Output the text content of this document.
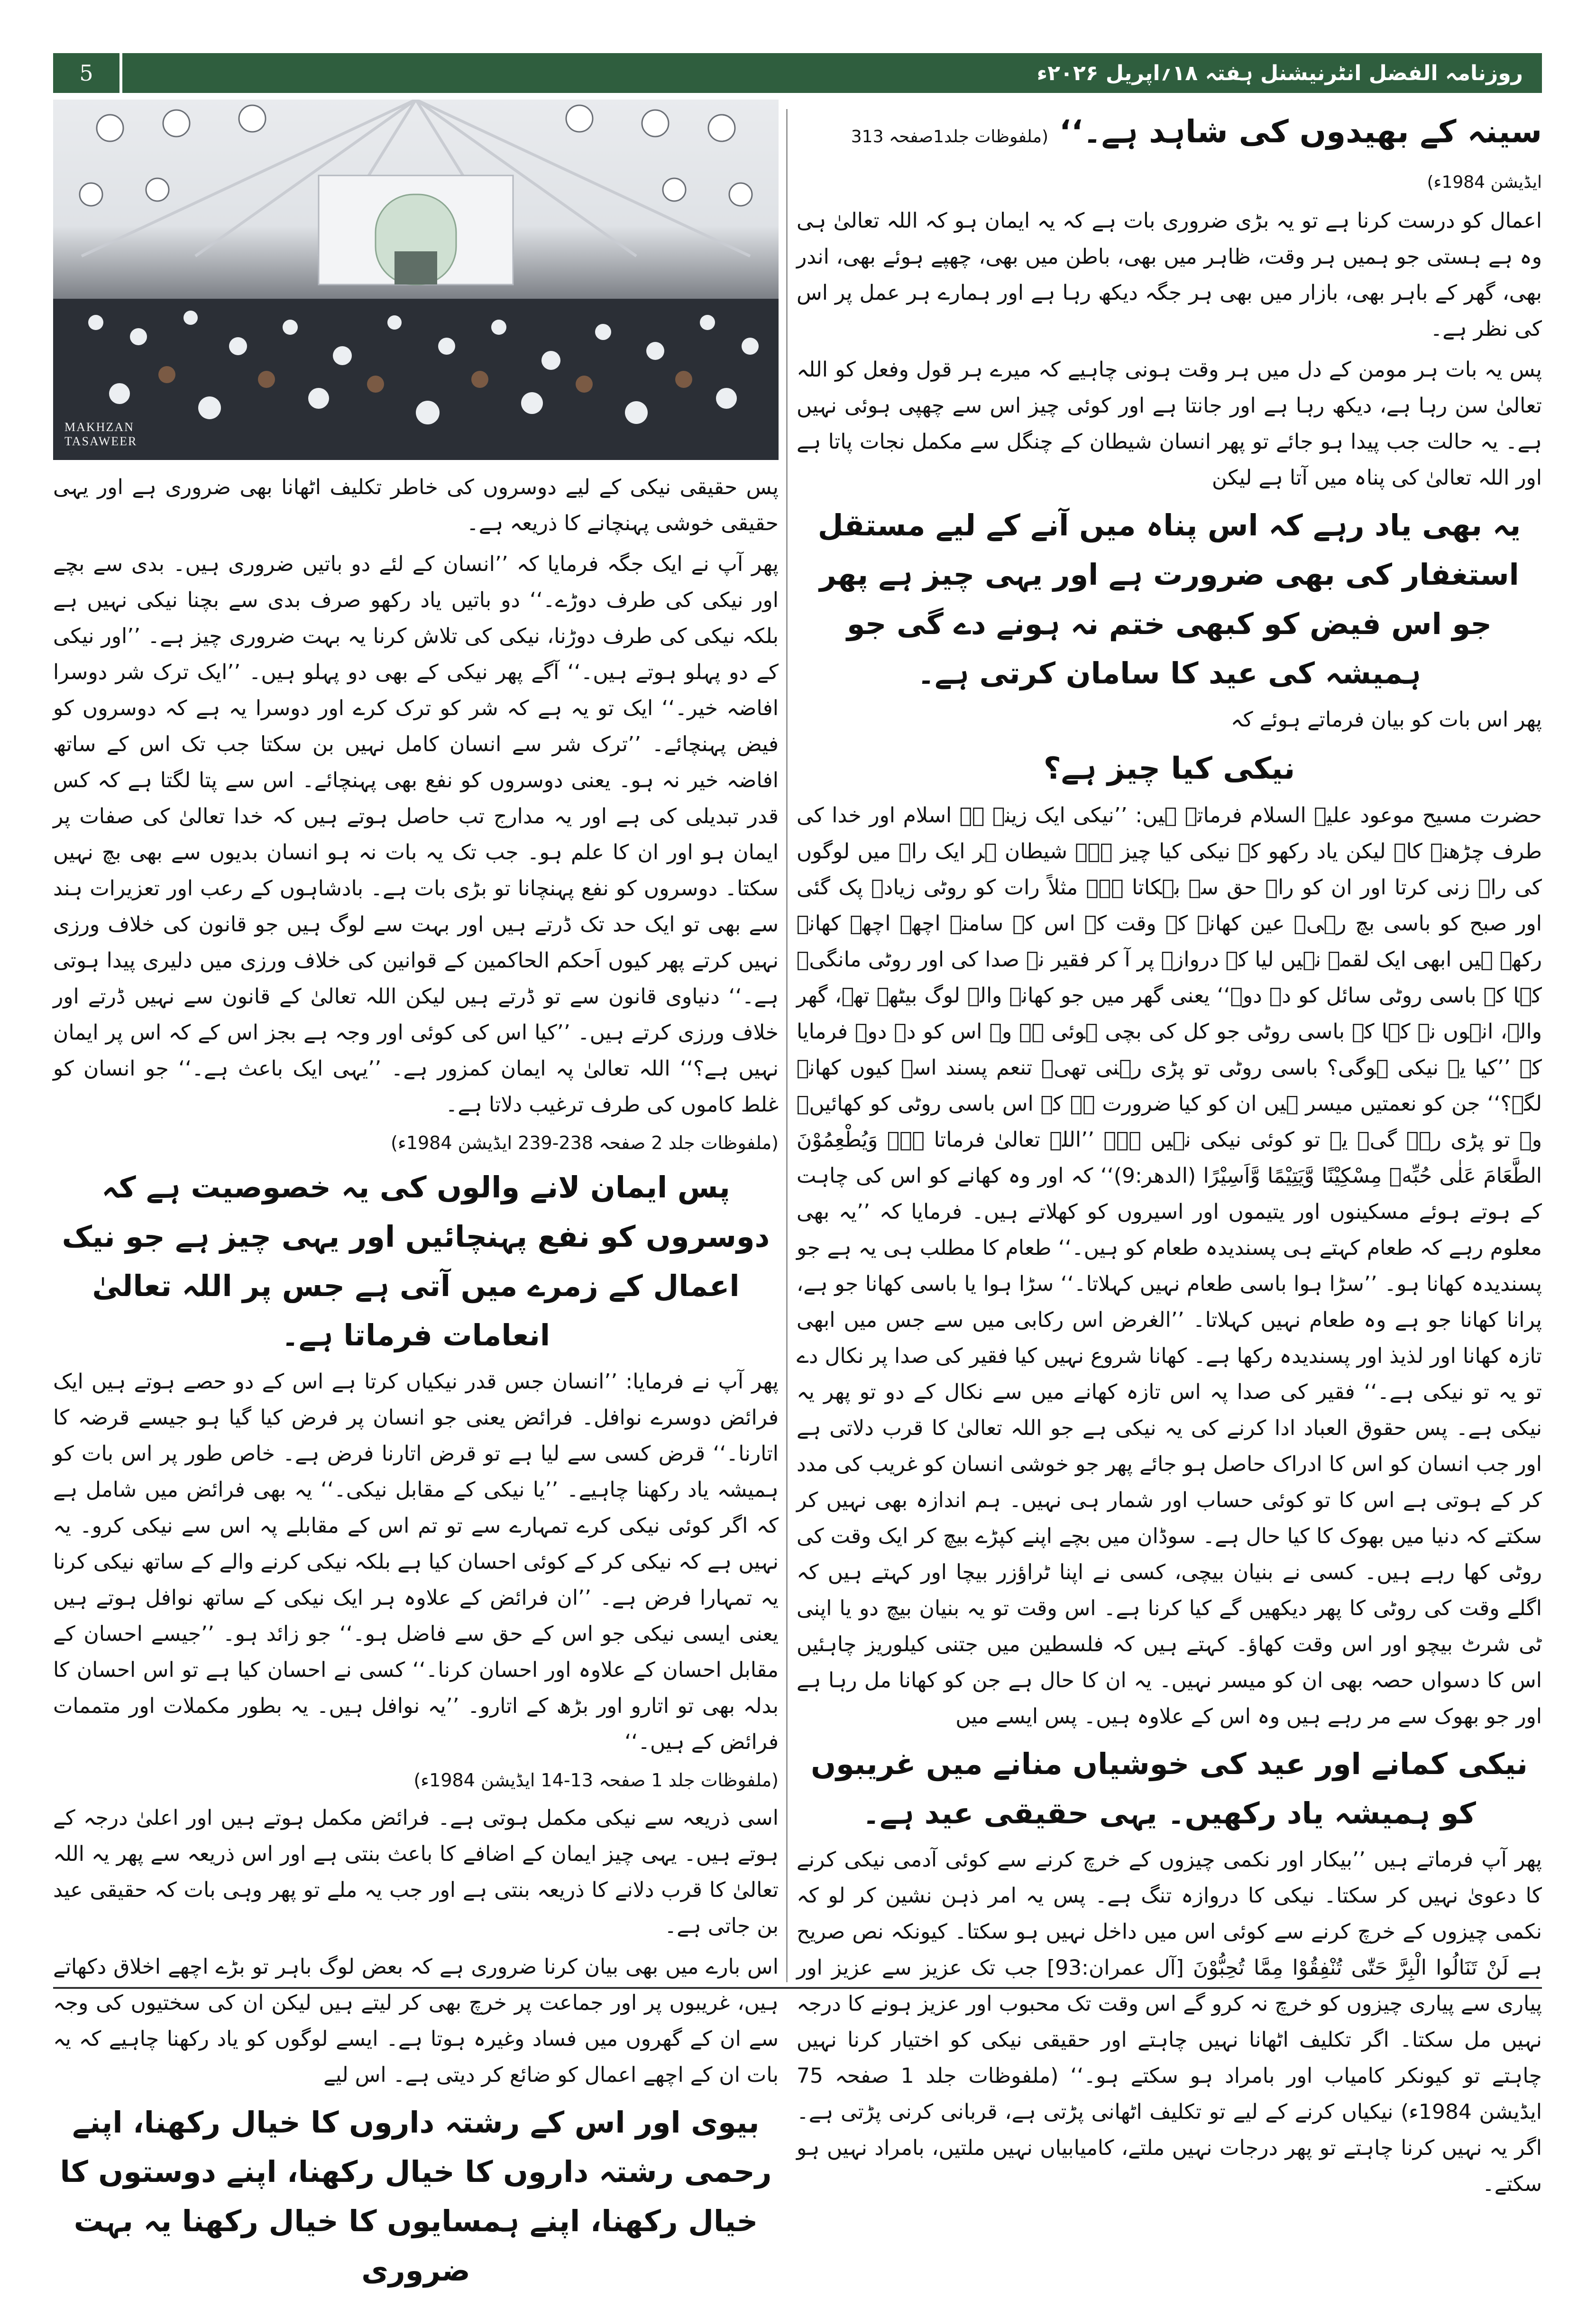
5	روزنامہ الفضل انٹرنیشنل ہفتہ ۱۸؍اپریل ۲۰۲۶ء
MAKHZAN
TASAWEER
سینہ کے بھیدوں کی شاہد ہے۔‘‘ (ملفوظات جلد1صفحہ 313 ایڈیشن 1984ء)

اعمال کو درست کرنا ہے تو یہ بڑی ضروری بات ہے کہ یہ ایمان ہو کہ اللہ تعالیٰ ہی وہ ہے ہستی جو ہمیں ہر وقت، ظاہر میں بھی، باطن میں بھی، چھپے ہوئے بھی، اندر بھی، گھر کے باہر بھی، بازار میں بھی ہر جگہ دیکھ رہا ہے اور ہمارے ہر عمل پر اس کی نظر ہے۔

پس یہ بات ہر مومن کے دل میں ہر وقت ہونی چاہیے کہ میرے ہر قول وفعل کو اللہ تعالیٰ سن رہا ہے، دیکھ رہا ہے اور جانتا ہے اور کوئی چیز اس سے چھپی ہوئی نہیں ہے۔ یہ حالت جب پیدا ہو جائے تو پھر انسان شیطان کے چنگل سے مکمل نجات پاتا ہے اور اللہ تعالیٰ کی پناہ میں آتا ہے لیکن

یہ بھی یاد رہے کہ اس پناہ میں آنے کے لیے مستقل استغفار کی بھی ضرورت ہے اور یہی چیز ہے پھر جو اس فیض کو کبھی ختم نہ ہونے دے گی جو ہمیشہ کی عید کا سامان کرتی ہے۔

پھر اس بات کو بیان فرماتے ہوئے کہ

نیکی کیا چیز ہے؟

حضرت مسیح موعود علیہ السلام فرماتے ہیں: ’’نیکی ایک زینہ ہے اسلام اور خدا کی طرف چڑھنے کا۔ لیکن یاد رکھو کہ نیکی کیا چیز ہے۔ شیطان ہر ایک راہ میں لوگوں کی راہ زنی کرتا اور ان کو راہ حق سے بہکاتا ہے۔ مثلاً رات کو روٹی زیادہ پک گئی اور صبح کو باسی بچ رہی۔ عین کھانے کے وقت کہ اس کے سامنے اچھے اچھے کھانے رکھے ہیں ابھی ایک لقمہ نہیں لیا کہ دروازہ پر آ کر فقیر نے صدا کی اور روٹی مانگی۔ کہا کہ باسی روٹی سائل کو دے دو۔‘‘ یعنی گھر میں جو کھانے والے لوگ بیٹھے تھے، گھر والے، انہوں نے کہا کہ باسی روٹی جو کل کی بچی ہوئی ہے وہ اس کو دے دو۔ فرمایا کہ ’’کیا یہ نیکی ہوگی؟ باسی روٹی تو پڑی رہنی تھی۔ تنعم پسند اسے کیوں کھانے لگے؟‘‘ جن کو نعمتیں میسر ہیں ان کو کیا ضرورت ہے کہ اس باسی روٹی کو کھائیں۔ وہ تو پڑی رہے گی۔ یہ تو کوئی نیکی نہیں ہے۔ ’’اللہ تعالیٰ فرماتا ہے۔ وَيُطْعِمُوْنَ الطَّعَامَ عَلٰى حُبِّهٖ مِسْكِيْنًا وَّيَتِيْمًا وَّاَسِيْرًا (الدھر:9)‘‘ کہ اور وہ کھانے کو اس کی چاہت کے ہوتے ہوئے مسکینوں اور یتیموں اور اسیروں کو کھلاتے ہیں۔ فرمایا کہ ’’یہ بھی معلوم رہے کہ طعام کہتے ہی پسندیدہ طعام کو ہیں۔‘‘ طعام کا مطلب ہی یہ ہے جو پسندیدہ کھانا ہو۔ ’’سڑا ہوا باسی طعام نہیں کہلاتا۔‘‘ سڑا ہوا یا باسی کھانا جو ہے، پرانا کھانا جو ہے وہ طعام نہیں کہلاتا۔ ’’الغرض اس رکابی میں سے جس میں ابھی تازہ کھانا اور لذیذ اور پسندیدہ رکھا ہے۔ کھانا شروع نہیں کیا فقیر کی صدا پر نکال دے تو یہ تو نیکی ہے۔‘‘ فقیر کی صدا پہ اس تازہ کھانے میں سے نکال کے دو تو پھر یہ نیکی ہے۔ پس حقوق العباد ادا کرنے کی یہ نیکی ہے جو اللہ تعالیٰ کا قرب دلاتی ہے اور جب انسان کو اس کا ادراک حاصل ہو جائے پھر جو خوشی انسان کو غریب کی مدد کر کے ہوتی ہے اس کا تو کوئی حساب اور شمار ہی نہیں۔ ہم اندازہ بھی نہیں کر سکتے کہ دنیا میں بھوک کا کیا حال ہے۔ سوڈان میں بچے اپنے کپڑے بیچ کر ایک وقت کی روٹی کھا رہے ہیں۔ کسی نے بنیان بیچی، کسی نے اپنا ٹراؤزر بیچا اور کہتے ہیں کہ اگلے وقت کی روٹی کا پھر دیکھیں گے کیا کرنا ہے۔ اس وقت تو یہ بنیان بیچ دو یا اپنی ٹی شرٹ بیچو اور اس وقت کھاؤ۔ کہتے ہیں کہ فلسطین میں جتنی کیلوریز چاہئیں اس کا دسواں حصہ بھی ان کو میسر نہیں۔ یہ ان کا حال ہے جن کو کھانا مل رہا ہے اور جو بھوک سے مر رہے ہیں وہ اس کے علاوہ ہیں۔ پس ایسے میں

نیکی کمانے اور عید کی خوشیاں منانے میں غریبوں کو ہمیشہ یاد رکھیں۔ یہی حقیقی عید ہے۔

پھر آپ فرماتے ہیں ’’بیکار اور نکمی چیزوں کے خرچ کرنے سے کوئی آدمی نیکی کرنے کا دعویٰ نہیں کر سکتا۔ نیکی کا دروازہ تنگ ہے۔ پس یہ امر ذہن نشین کر لو کہ نکمی چیزوں کے خرچ کرنے سے کوئی اس میں داخل نہیں ہو سکتا۔ کیونکہ نص صریح ہے لَنْ تَنَالُوا الْبِرَّ حَتّٰى تُنْفِقُوْا مِمَّا تُحِبُّوْنَ [آل عمران:93] جب تک عزیز سے عزیز اور پیاری سے پیاری چیزوں کو خرچ نہ کرو گے اس وقت تک محبوب اور عزیز ہونے کا درجہ نہیں مل سکتا۔ اگر تکلیف اٹھانا نہیں چاہتے اور حقیقی نیکی کو اختیار کرنا نہیں چاہتے تو کیونکر کامیاب اور بامراد ہو سکتے ہو۔‘‘ (ملفوظات جلد 1 صفحہ 75 ایڈیشن 1984ء) نیکیاں کرنے کے لیے تو تکلیف اٹھانی پڑتی ہے، قربانی کرنی پڑتی ہے۔ اگر یہ نہیں کرنا چاہتے تو پھر درجات نہیں ملتے، کامیابیاں نہیں ملتیں، بامراد نہیں ہو سکتے۔

پس حقیقی نیکی کے لیے دوسروں کی خاطر تکلیف اٹھانا بھی ضروری ہے اور یہی حقیقی خوشی پہنچانے کا ذریعہ ہے۔

پھر آپ نے ایک جگہ فرمایا کہ ’’انسان کے لئے دو باتیں ضروری ہیں۔ بدی سے بچے اور نیکی کی طرف دوڑے۔‘‘ دو باتیں یاد رکھو صرف بدی سے بچنا نیکی نہیں ہے بلکہ نیکی کی طرف دوڑنا، نیکی کی تلاش کرنا یہ بہت ضروری چیز ہے۔ ’’اور نیکی کے دو پہلو ہوتے ہیں۔‘‘ آگے پھر نیکی کے بھی دو پہلو ہیں۔ ’’ایک ترک شر دوسرا افاضہ خیر۔‘‘ ایک تو یہ ہے کہ شر کو ترک کرے اور دوسرا یہ ہے کہ دوسروں کو فیض پہنچائے۔ ’’ترک شر سے انسان کامل نہیں بن سکتا جب تک اس کے ساتھ افاضہ خیر نہ ہو۔ یعنی دوسروں کو نفع بھی پہنچائے۔ اس سے پتا لگتا ہے کہ کس قدر تبدیلی کی ہے اور یہ مدارج تب حاصل ہوتے ہیں کہ خدا تعالیٰ کی صفات پر ایمان ہو اور ان کا علم ہو۔ جب تک یہ بات نہ ہو انسان بدیوں سے بھی بچ نہیں سکتا۔ دوسروں کو نفع پہنچانا تو بڑی بات ہے۔ بادشاہوں کے رعب اور تعزیرات ہند سے بھی تو ایک حد تک ڈرتے ہیں اور بہت سے لوگ ہیں جو قانون کی خلاف ورزی نہیں کرتے پھر کیوں اَحکم الحاکمین کے قوانین کی خلاف ورزی میں دلیری پیدا ہوتی ہے۔‘‘ دنیاوی قانون سے تو ڈرتے ہیں لیکن اللہ تعالیٰ کے قانون سے نہیں ڈرتے اور خلاف ورزی کرتے ہیں۔ ’’کیا اس کی کوئی اور وجہ ہے بجز اس کے کہ اس پر ایمان نہیں ہے؟‘‘ اللہ تعالیٰ پہ ایمان کمزور ہے۔ ’’یہی ایک باعث ہے۔‘‘ جو انسان کو غلط کاموں کی طرف ترغیب دلاتا ہے۔

(ملفوظات جلد 2 صفحہ 238-239 ایڈیشن 1984ء)

پس ایمان لانے والوں کی یہ خصوصیت ہے کہ دوسروں کو نفع پہنچائیں اور یہی چیز ہے جو نیک اعمال کے زمرے میں آتی ہے جس پر اللہ تعالیٰ انعامات فرماتا ہے۔

پھر آپ نے فرمایا: ’’انسان جس قدر نیکیاں کرتا ہے اس کے دو حصے ہوتے ہیں ایک فرائض دوسرے نوافل۔ فرائض یعنی جو انسان پر فرض کیا گیا ہو جیسے قرضہ کا اتارنا۔‘‘ قرض کسی سے لیا ہے تو قرض اتارنا فرض ہے۔ خاص طور پر اس بات کو ہمیشہ یاد رکھنا چاہیے۔ ’’یا نیکی کے مقابل نیکی۔‘‘ یہ بھی فرائض میں شامل ہے کہ اگر کوئی نیکی کرے تمہارے سے تو تم اس کے مقابلے پہ اس سے نیکی کرو۔ یہ نہیں ہے کہ نیکی کر کے کوئی احسان کیا ہے بلکہ نیکی کرنے والے کے ساتھ نیکی کرنا یہ تمہارا فرض ہے۔ ’’ان فرائض کے علاوہ ہر ایک نیکی کے ساتھ نوافل ہوتے ہیں یعنی ایسی نیکی جو اس کے حق سے فاضل ہو۔‘‘ جو زائد ہو۔ ’’جیسے احسان کے مقابل احسان کے علاوہ اور احسان کرنا۔‘‘ کسی نے احسان کیا ہے تو اس احسان کا بدلہ بھی تو اتارو اور بڑھ کے اتارو۔ ’’یہ نوافل ہیں۔ یہ بطور مکملات اور متممات فرائض کے ہیں۔‘‘

(ملفوظات جلد 1 صفحہ 13-14 ایڈیشن 1984ء)

اسی ذریعہ سے نیکی مکمل ہوتی ہے۔ فرائض مکمل ہوتے ہیں اور اعلیٰ درجہ کے ہوتے ہیں۔ یہی چیز ایمان کے اضافے کا باعث بنتی ہے اور اس ذریعہ سے پھر یہ اللہ تعالیٰ کا قرب دلانے کا ذریعہ بنتی ہے اور جب یہ ملے تو پھر وہی بات کہ حقیقی عید بن جاتی ہے۔

اس بارے میں بھی بیان کرنا ضروری ہے کہ بعض لوگ باہر تو بڑے اچھے اخلاق دکھاتے ہیں، غریبوں پر اور جماعت پر خرچ بھی کر لیتے ہیں لیکن ان کی سختیوں کی وجہ سے ان کے گھروں میں فساد وغیرہ ہوتا ہے۔ ایسے لوگوں کو یاد رکھنا چاہیے کہ یہ بات ان کے اچھے اعمال کو ضائع کر دیتی ہے۔ اس لیے

بیوی اور اس کے رشتہ داروں کا خیال رکھنا، اپنے رحمی رشتہ داروں کا خیال رکھنا، اپنے دوستوں کا خیال رکھنا، اپنے ہمسایوں کا خیال رکھنا یہ بہت ضروری
